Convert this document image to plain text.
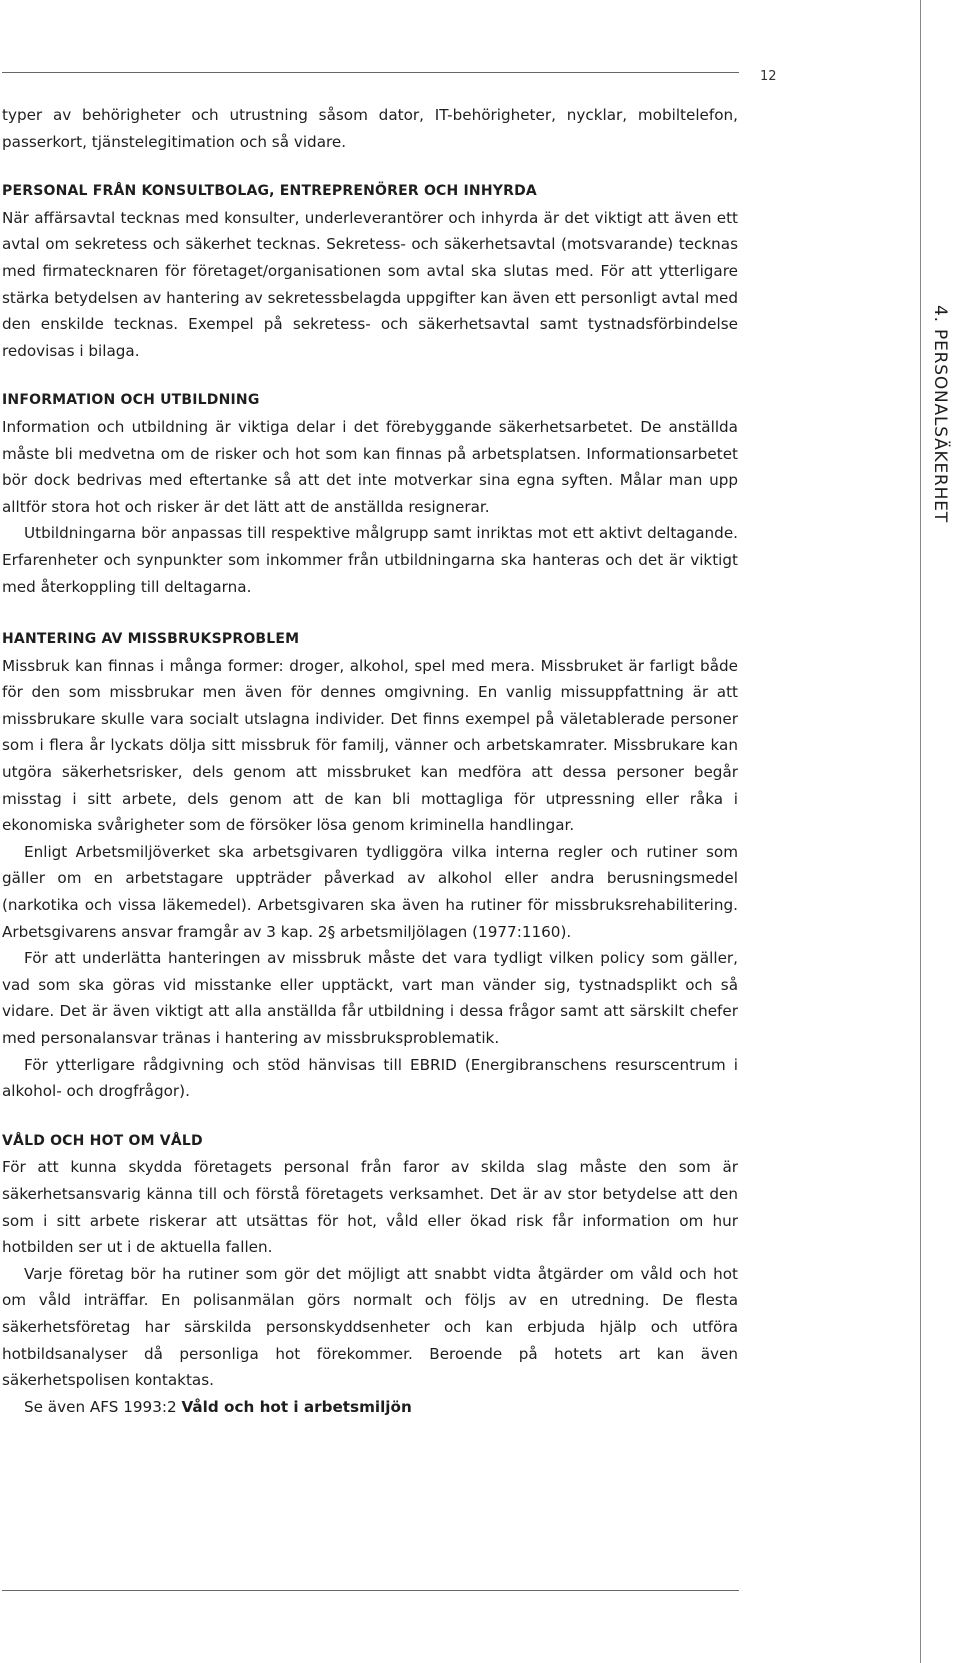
12
4. PERSONALSÄKERHET

typer av behörigheter och utrustning såsom dator, IT-behörigheter, nycklar, mobiltelefon, passerkort, tjänstelegitimation och så vidare.

PERSONAL FRÅN KONSULTBOLAG, ENTREPRENÖRER OCH INHYRDA

När affärsavtal tecknas med konsulter, underleverantörer och inhyrda är det viktigt att även ett avtal om sekretess och säkerhet tecknas. Sekretess- och säkerhetsavtal (motsvarande) tecknas med firmatecknaren för företaget/organisationen som avtal ska slutas med. För att ytterligare stärka betydelsen av hantering av sekretessbelagda uppgifter kan även ett personligt avtal med den enskilde tecknas. Exempel på sekretess- och säkerhetsavtal samt tystnadsförbindelse redovisas i bilaga.

INFORMATION OCH UTBILDNING

Information och utbildning är viktiga delar i det förebyggande säkerhetsarbetet. De anställda måste bli medvetna om de risker och hot som kan finnas på arbetsplatsen. Informationsarbetet bör dock bedrivas med eftertanke så att det inte motverkar sina egna syften. Målar man upp alltför stora hot och risker är det lätt att de anställda resignerar.

Utbildningarna bör anpassas till respektive målgrupp samt inriktas mot ett aktivt deltagande. Erfarenheter och synpunkter som inkommer från utbildningarna ska hanteras och det är viktigt med återkoppling till deltagarna.

HANTERING AV MISSBRUKSPROBLEM

Missbruk kan finnas i många former: droger, alkohol, spel med mera. Missbruket är farligt både för den som missbrukar men även för dennes omgivning. En vanlig missuppfattning är att missbrukare skulle vara socialt utslagna individer. Det finns exempel på väletablerade personer som i flera år lyckats dölja sitt missbruk för familj, vänner och arbetskamrater. Missbrukare kan utgöra säkerhetsrisker, dels genom att missbruket kan medföra att dessa personer begår misstag i sitt arbete, dels genom att de kan bli mottagliga för utpressning eller råka i ekonomiska svårigheter som de försöker lösa genom kriminella handlingar.

Enligt Arbetsmiljöverket ska arbetsgivaren tydliggöra vilka interna regler och rutiner som gäller om en arbetstagare uppträder påverkad av alkohol eller andra berusningsmedel (narkotika och vissa läkemedel). Arbetsgivaren ska även ha rutiner för missbruksrehabilitering. Arbetsgivarens ansvar framgår av 3 kap. 2§ arbetsmiljölagen (1977:1160).

För att underlätta hanteringen av missbruk måste det vara tydligt vilken policy som gäller, vad som ska göras vid misstanke eller upptäckt, vart man vänder sig, tystnadsplikt och så vidare. Det är även viktigt att alla anställda får utbildning i dessa frågor samt att särskilt chefer med personalansvar tränas i hantering av missbruksproblematik.

För ytterligare rådgivning och stöd hänvisas till EBRID (Energibranschens resurscentrum i alkohol- och drogfrågor).

VÅLD OCH HOT OM VÅLD

För att kunna skydda företagets personal från faror av skilda slag måste den som är säkerhetsansvarig känna till och förstå företagets verksamhet. Det är av stor betydelse att den som i sitt arbete riskerar att utsättas för hot, våld eller ökad risk får information om hur hotbilden ser ut i de aktuella fallen.

Varje företag bör ha rutiner som gör det möjligt att snabbt vidta åtgärder om våld och hot om våld inträffar. En polisanmälan görs normalt och följs av en utredning. De flesta säkerhetsföretag har särskilda personskyddsenheter och kan erbjuda hjälp och utföra hotbildsanalyser då personliga hot förekommer. Beroende på hotets art kan även säkerhetspolisen kontaktas.

Se även AFS 1993:2 Våld och hot i arbetsmiljön
